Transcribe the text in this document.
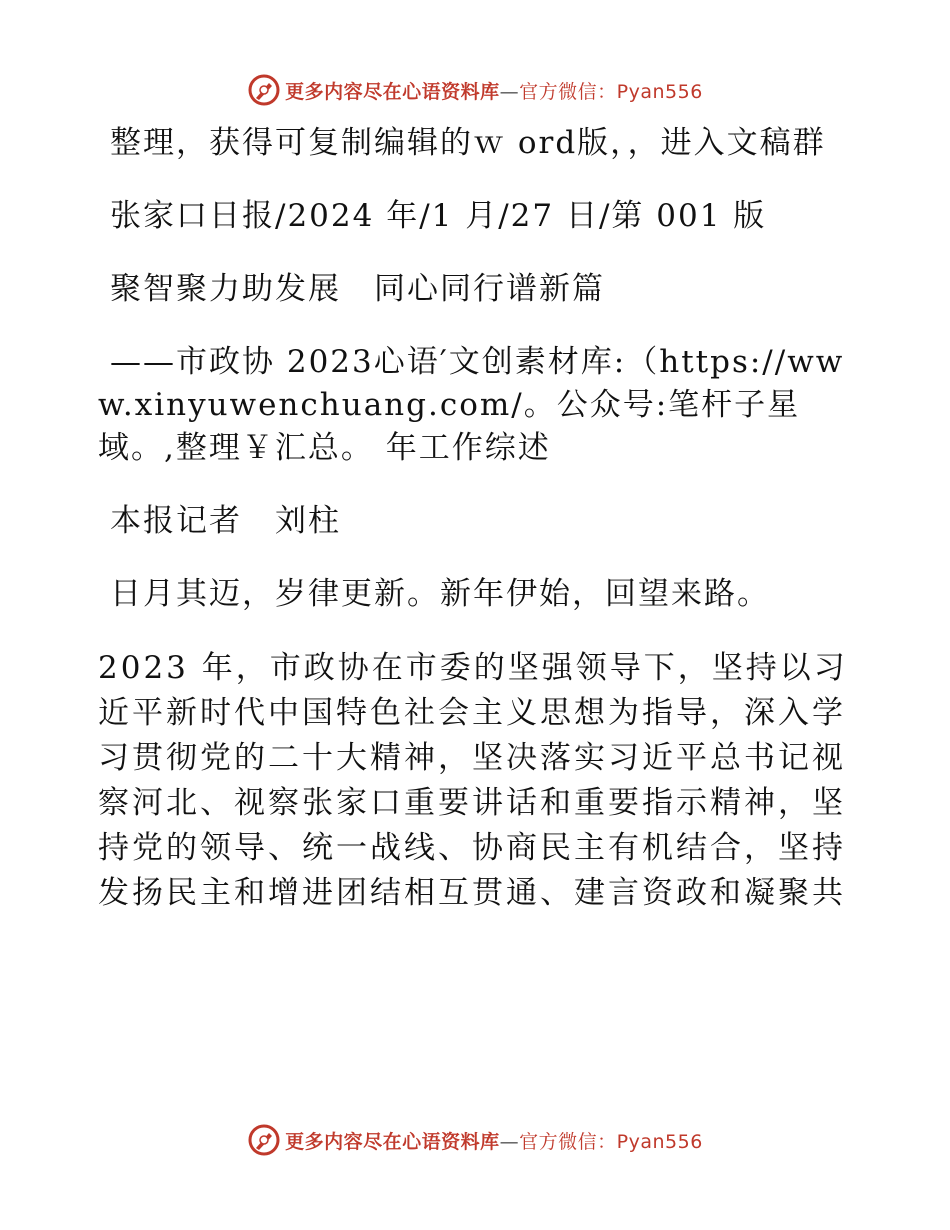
更多内容尽在心语资料库—官方微信：Pyan556

整理，获得可复制编辑的ｗ ord版，，进入文稿群

张家口日报/2024 年/1 月/27 日/第 001 版

聚智聚力助发展　同心同行谱新篇

——市政协 2023心语′文创素材库:（https://www.xinyuwenchuang.com/。公众号:笔杆子星域。,整理￥汇总。 年工作综述

本报记者　刘柱

日月其迈，岁律更新。新年伊始，回望来路。

2023 年，市政协在市委的坚强领导下，坚持以习近平新时代中国特色社会主义思想为指导，深入学习贯彻党的二十大精神，坚决落实习近平总书记视察河北、视察张家口重要讲话和重要指示精神，坚持党的领导、统一战线、协商民主有机结合，坚持发扬民主和增进团结相互贯通、建言资政和凝聚共

更多内容尽在心语资料库—官方微信：Pyan556
